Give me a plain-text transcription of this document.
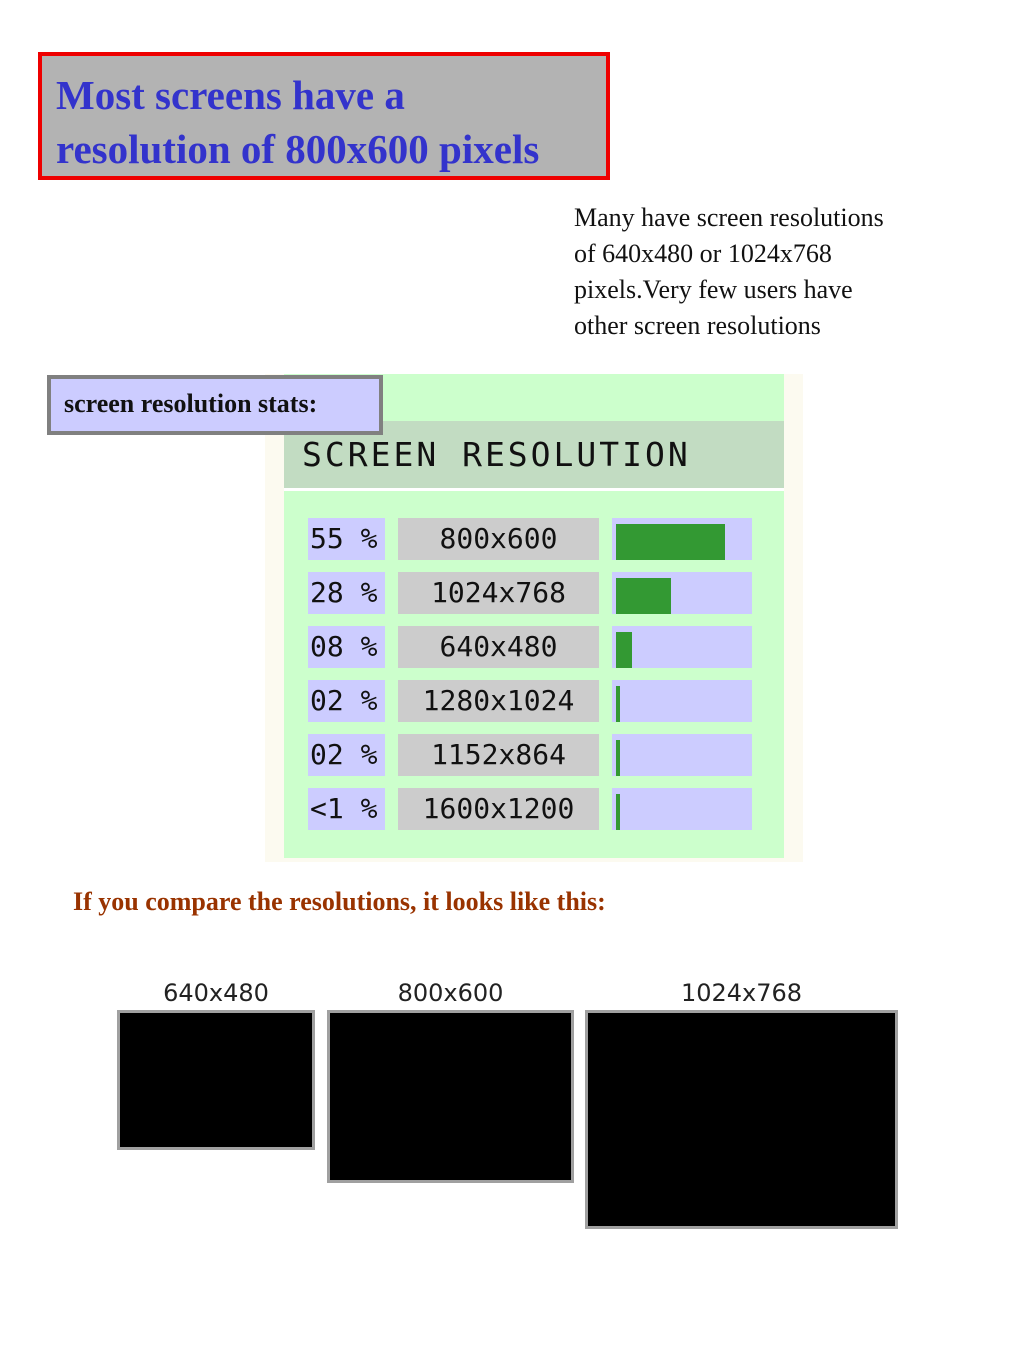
Most screens have a
resolution of 800x600 pixels
Many have screen resolutions of 640x480 or 1024x768 pixels.Very few users have other screen resolutions
SCREEN RESOLUTION
55 %	800x600
28 %	1024x768
08 %	640x480
02 %	1280x1024
02 %	1152x864
<1 %	1600x1200
screen resolution stats:
If you compare the resolutions, it looks like this:
640x480	800x600	1024x768
